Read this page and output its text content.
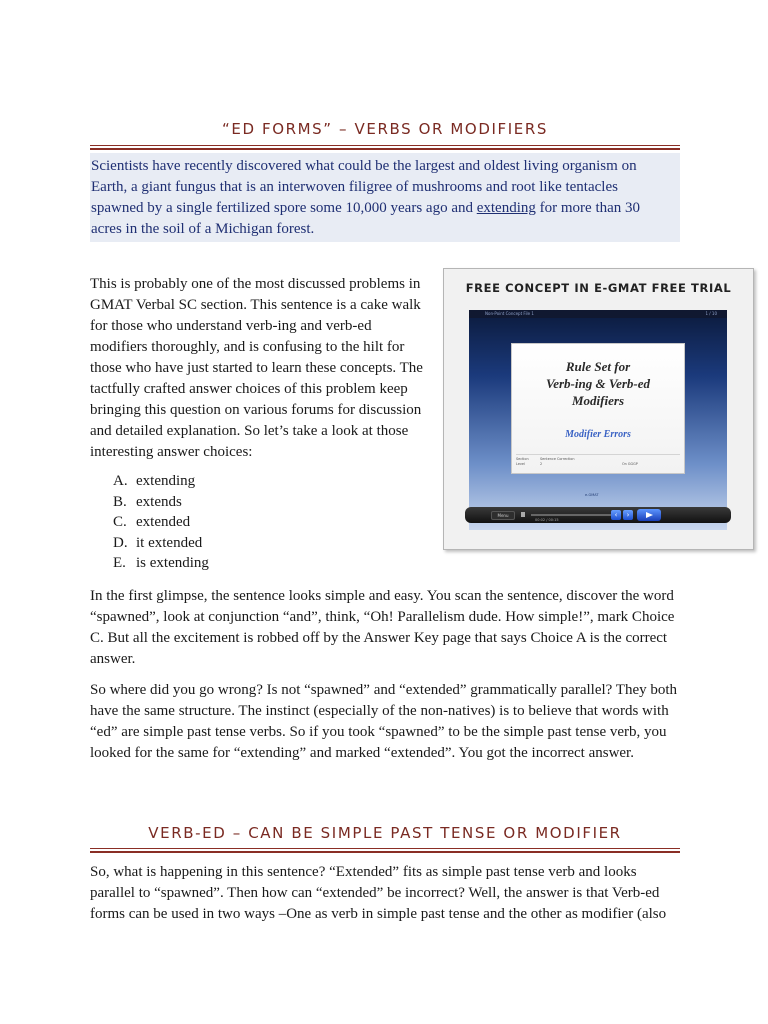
“ED FORMS” – VERBS OR MODIFIERS
Scientists have recently discovered what could be the largest and oldest living organism on Earth, a giant fungus that is an interwoven filigree of mushrooms and root like tentacles spawned by a single fertilized spore some 10,000 years ago and extending for more than 30 acres in the soil of a Michigan forest.
This is probably one of the most discussed problems in GMAT Verbal SC section. This sentence is a cake walk for those who understand verb-ing and verb-ed modifiers thoroughly, and is confusing to the hilt for those who have just started to learn these concepts. The tactfully crafted answer choices of this problem keep bringing this question on various forums for discussion and detailed explanation. So let’s take a look at those interesting answer choices:
A. extending
B. extends
C. extended
D. it extended
E. is extending
FREE CONCEPT IN E-GMAT FREE TRIAL
Non-Point Concept File 1	1 / 10
Rule Set for
Verb-ing & Verb-ed
Modifiers
Modifier Errors
Section	Sentence Correction
Level	2	On GGGP
e-GMAT
Menu
00:02 / 00:15
‹	›
In the first glimpse, the sentence looks simple and easy. You scan the sentence, discover the word “spawned”, look at conjunction “and”, think, “Oh! Parallelism dude. How simple!”, mark Choice C. But all the excitement is robbed off by the Answer Key page that says Choice A is the correct answer.
So where did you go wrong? Is not “spawned” and “extended” grammatically parallel? They both have the same structure. The instinct (especially of the non-natives) is to believe that words with “ed” are simple past tense verbs. So if you took “spawned” to be the simple past tense verb, you looked for the same for “extending” and marked “extended”. You got the incorrect answer.
VERB-ED – CAN BE SIMPLE PAST TENSE OR MODIFIER
So, what is happening in this sentence? “Extended” fits as simple past tense verb and looks parallel to “spawned”. Then how can “extended” be incorrect? Well, the answer is that Verb-ed forms can be used in two ways –One as verb in simple past tense and the other as modifier (also
